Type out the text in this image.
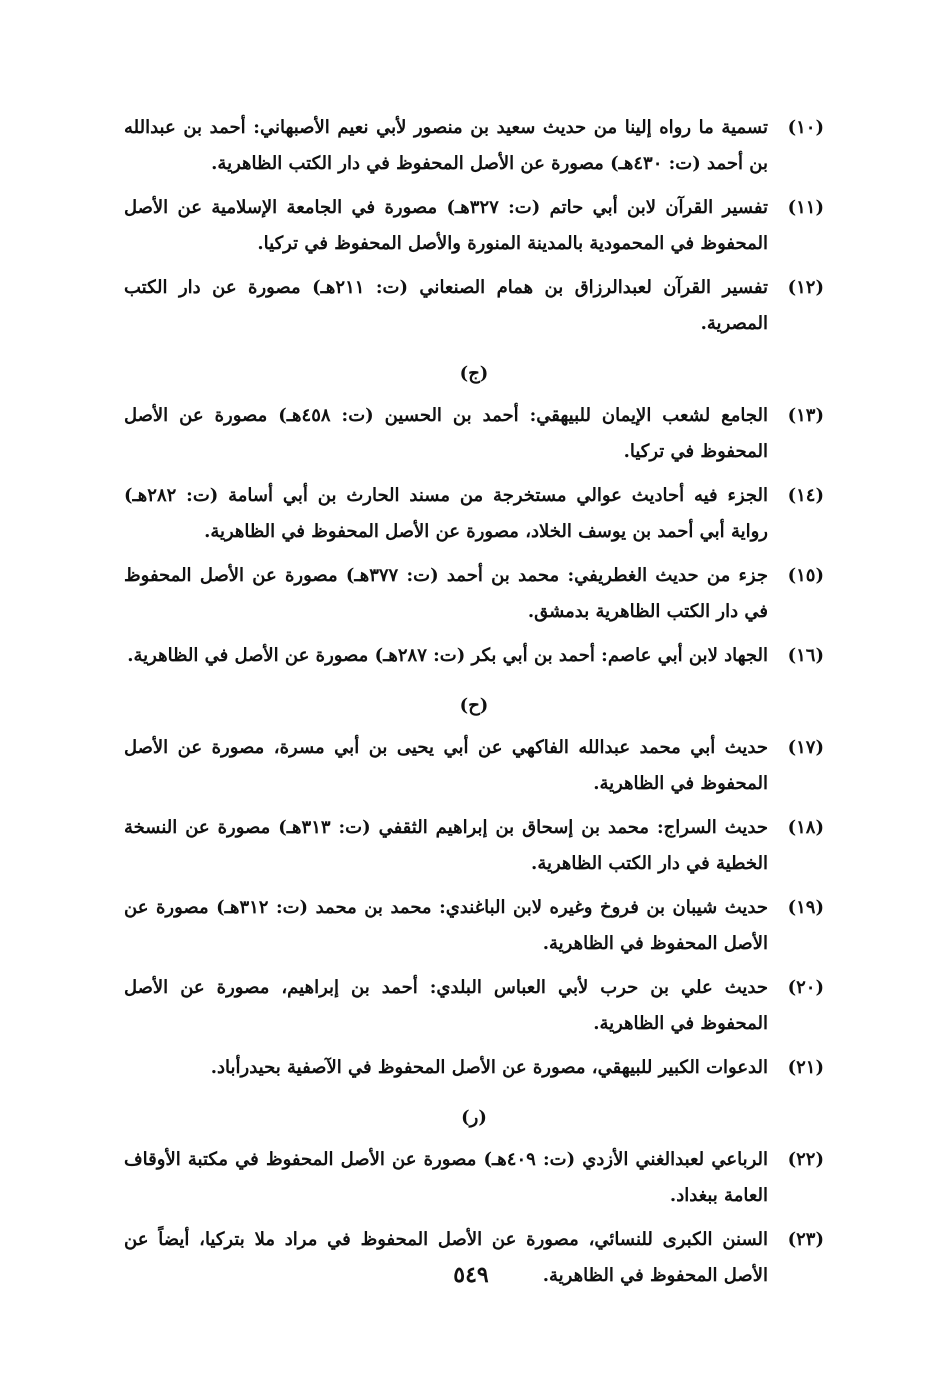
(١٠)
تسمية ما رواه إلينا من حديث سعيد بن منصور لأبي نعيم الأصبهاني: أحمد بن عبدالله بن أحمد (ت: ٤٣٠هـ) مصورة عن الأصل المحفوظ في دار الكتب الظاهرية.
(١١)
تفسير القرآن لابن أبي حاتم (ت: ٣٢٧هـ) مصورة في الجامعة الإسلامية عن الأصل المحفوظ في المحمودية بالمدينة المنورة والأصل المحفوظ في تركيا.
(١٢)
تفسير القرآن لعبدالرزاق بن همام الصنعاني (ت: ٢١١هـ) مصورة عن دار الكتب المصرية.
(ج)
(١٣)
الجامع لشعب الإيمان للبيهقي: أحمد بن الحسين (ت: ٤٥٨هـ) مصورة عن الأصل المحفوظ في تركيا.
(١٤)
الجزء فيه أحاديث عوالي مستخرجة من مسند الحارث بن أبي أسامة (ت: ٢٨٢هـ) رواية أبي أحمد بن يوسف الخلاد، مصورة عن الأصل المحفوظ في الظاهرية.
(١٥)
جزء من حديث الغطريفي: محمد بن أحمد (ت: ٣٧٧هـ) مصورة عن الأصل المحفوظ في دار الكتب الظاهرية بدمشق.
(١٦)
الجهاد لابن أبي عاصم: أحمد بن أبي بكر (ت: ٢٨٧هـ) مصورة عن الأصل في الظاهرية.
(ح)
(١٧)
حديث أبي محمد عبدالله الفاكهي عن أبي يحيى بن أبي مسرة، مصورة عن الأصل المحفوظ في الظاهرية.
(١٨)
حديث السراج: محمد بن إسحاق بن إبراهيم الثقفي (ت: ٣١٣هـ) مصورة عن النسخة الخطية في دار الكتب الظاهرية.
(١٩)
حديث شيبان بن فروخ وغيره لابن الباغندي: محمد بن محمد (ت: ٣١٢هـ) مصورة عن الأصل المحفوظ في الظاهرية.
(٢٠)
حديث علي بن حرب لأبي العباس البلدي: أحمد بن إبراهيم، مصورة عن الأصل المحفوظ في الظاهرية.
(٢١)
الدعوات الكبير للبيهقي، مصورة عن الأصل المحفوظ في الآصفية بحيدرأباد.
(ر)
(٢٢)
الرباعي لعبدالغني الأزدي (ت: ٤٠٩هـ) مصورة عن الأصل المحفوظ في مكتبة الأوقاف العامة ببغداد.
(٢٣)
السنن الكبرى للنسائي، مصورة عن الأصل المحفوظ في مراد ملا بتركيا، أيضاً عن الأصل المحفوظ في الظاهرية.
٥٤٩
